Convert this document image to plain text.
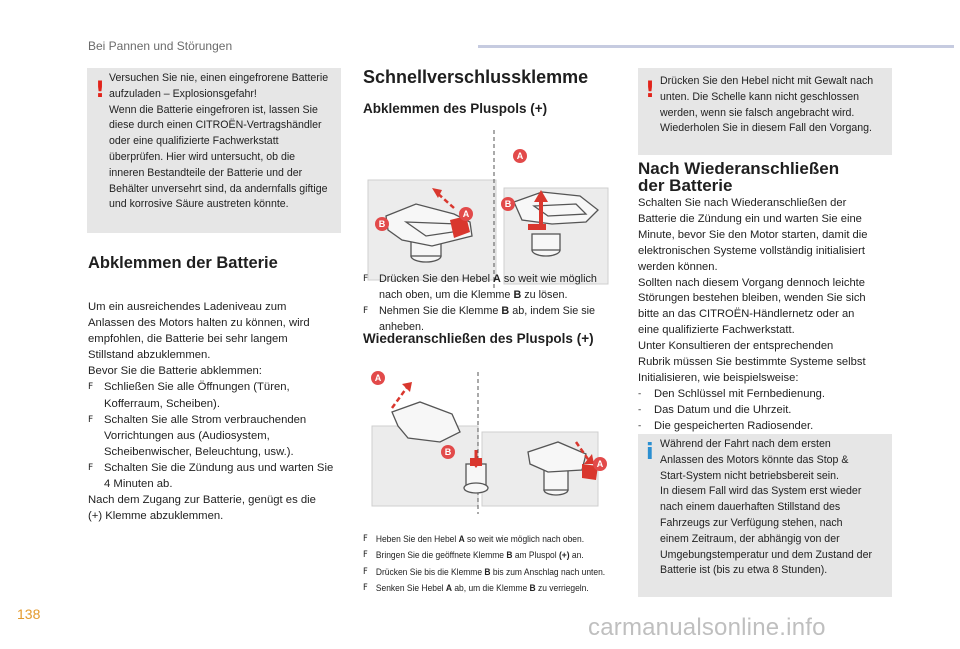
Bei Pannen und Störungen
! Versuchen Sie nie, einen eingefrorene Batterie
aufzuladen – Explosionsgefahr!
Wenn die Batterie eingefroren ist, lassen Sie
diese durch einen CITROËN-Vertragshändler
oder eine qualifizierte Fachwerkstatt
überprüfen. Hier wird untersucht, ob die
inneren Bestandteile der Batterie und der
Behälter unversehrt sind, da andernfalls giftige
und korrosive Säure austreten könnte.
Abklemmen der Batterie
Um ein ausreichendes Ladeniveau zum
Anlassen des Motors halten zu können, wird
empfohlen, die Batterie bei sehr langem
Stillstand abzuklemmen.
Bevor Sie die Batterie abklemmen:
F Schließen Sie alle Öffnungen (Türen, Kofferraum, Scheiben).
F Schalten Sie alle Strom verbrauchenden Vorrichtungen aus (Audiosystem, Scheibenwischer, Beleuchtung, usw.).
F Schalten Sie die Zündung aus und warten Sie 4 Minuten ab.
Nach dem Zugang zur Batterie, genügt es die
(+) Klemme abzuklemmen.
Schnellverschlussklemme
Abklemmen des Pluspols (+)
B
A
A
B
F Drücken Sie den Hebel A so weit wie möglich nach oben, um die Klemme B zu lösen.
F Nehmen Sie die Klemme B ab, indem Sie sie anheben.
Wiederanschließen des Pluspols (+)
A
B
A
F Heben Sie den Hebel A so weit wie möglich nach oben.
F Bringen Sie die geöffnete Klemme B am Pluspol (+) an.
F Drücken Sie bis die Klemme B bis zum Anschlag nach unten.
F Senken Sie Hebel A ab, um die Klemme B zu verriegeln.
! Drücken Sie den Hebel nicht mit Gewalt nach
unten. Die Schelle kann nicht geschlossen
werden, wenn sie falsch angebracht wird.
Wiederholen Sie in diesem Fall den Vorgang.
Nach Wiederanschließen
der Batterie
Schalten Sie nach Wiederanschließen der
Batterie die Zündung ein und warten Sie eine
Minute, bevor Sie den Motor starten, damit die
elektronischen Systeme vollständig initialisiert
werden können.
Sollten nach diesem Vorgang dennoch leichte
Störungen bestehen bleiben, wenden Sie sich
bitte an das CITROËN-Händlernetz oder an
eine qualifizierte Fachwerkstatt.
Unter Konsultieren der entsprechenden
Rubrik müssen Sie bestimmte Systeme selbst
Initialisieren, wie beispielsweise:
- Den Schlüssel mit Fernbedienung.
- Das Datum und die Uhrzeit.
- Die gespeicherten Radiosender.
i Während der Fahrt nach dem ersten
Anlassen des Motors könnte das Stop &
Start-System nicht betriebsbereit sein.
In diesem Fall wird das System erst wieder
nach einem dauerhaften Stillstand des
Fahrzeugs zur Verfügung stehen, nach
einem Zeitraum, der abhängig von der
Umgebungstemperatur und dem Zustand der
Batterie ist (bis zu etwa 8 Stunden).
138	carmanualsonline.info
